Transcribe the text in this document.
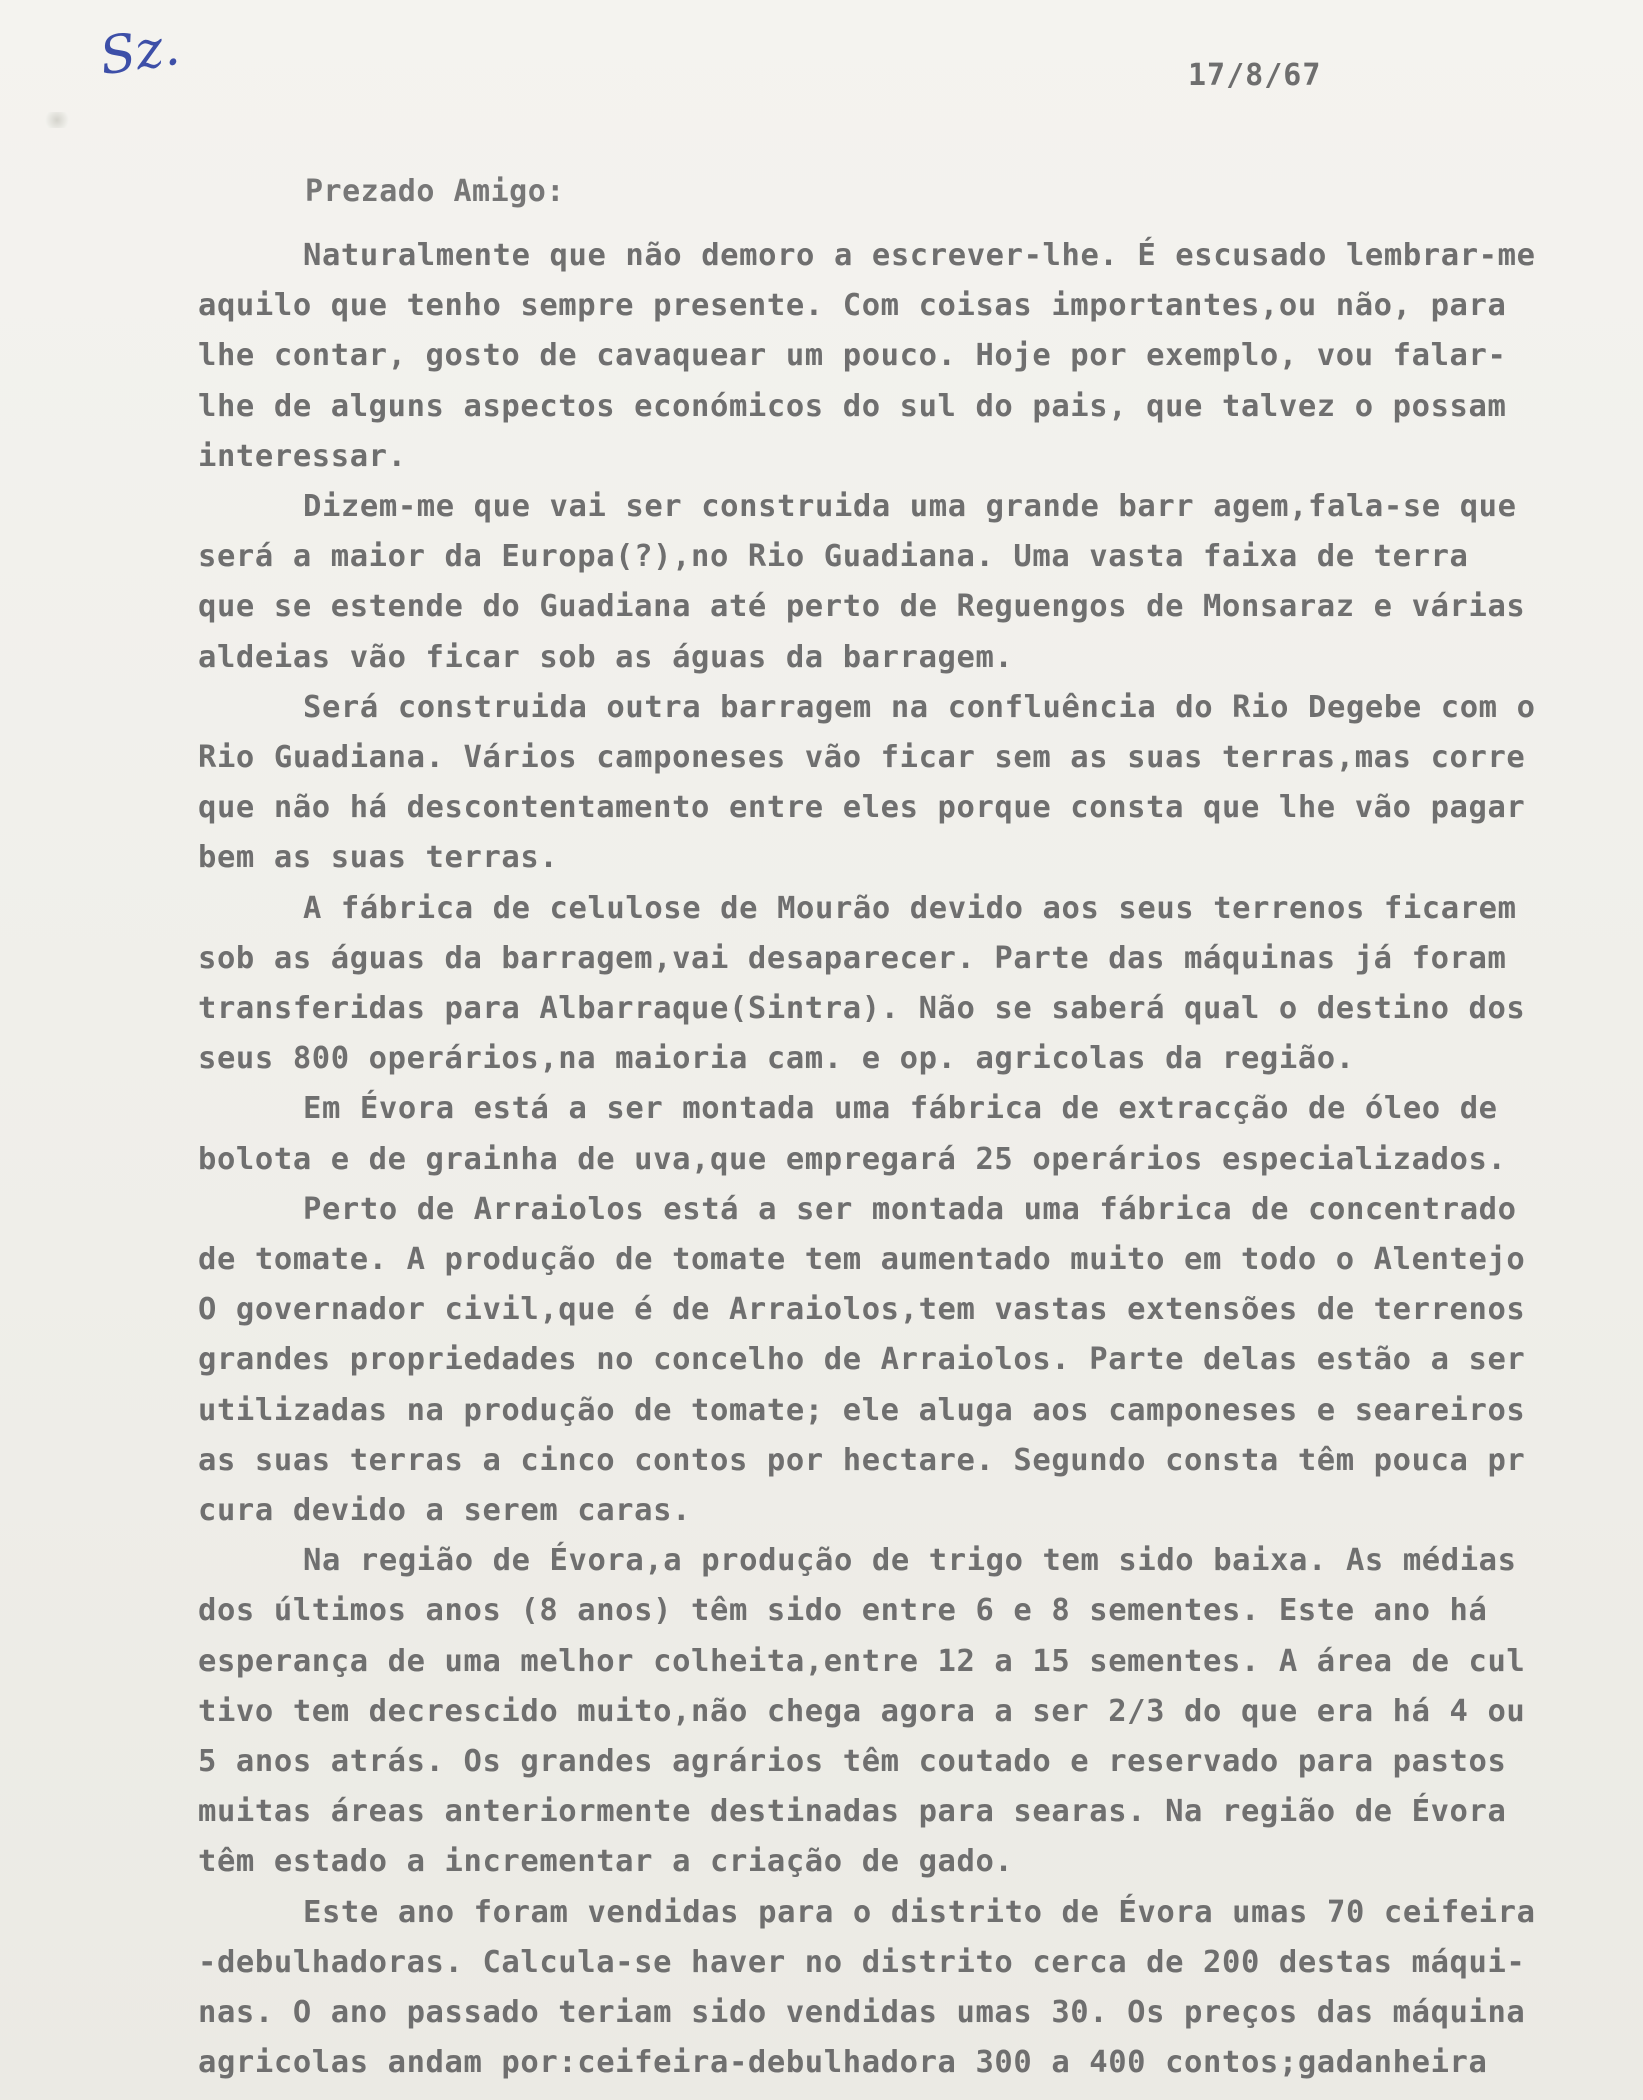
Sz.	17/8/67
Prezado Amigo:
Naturalmente que não demoro a escrever-lhe. É escusado lembrar-me
aquilo que tenho sempre presente. Com coisas importantes,ou não, para
lhe contar, gosto de cavaquear um pouco. Hoje por exemplo, vou falar-
lhe de alguns aspectos económicos do sul do pais, que talvez o possam
interessar.
Dizem-me que vai ser construida uma grande barr agem,fala-se que
será a maior da Europa(?),no Rio Guadiana. Uma vasta faixa de terra
que se estende do Guadiana até perto de Reguengos de Monsaraz e várias
aldeias vão ficar sob as águas da barragem.
Será construida outra barragem na confluência do Rio Degebe com o
Rio Guadiana. Vários camponeses vão ficar sem as suas terras,mas corre
que não há descontentamento entre eles porque consta que lhe vão pagar
bem as suas terras.
A fábrica de celulose de Mourão devido aos seus terrenos ficarem
sob as águas da barragem,vai desaparecer. Parte das máquinas já foram
transferidas para Albarraque(Sintra). Não se saberá qual o destino dos
seus 800 operários,na maioria cam. e op. agricolas da região.
Em Évora está a ser montada uma fábrica de extracção de óleo de
bolota e de grainha de uva,que empregará 25 operários especializados.
Perto de Arraiolos está a ser montada uma fábrica de concentrado
de tomate. A produção de tomate tem aumentado muito em todo o Alentejo
O governador civil,que é de Arraiolos,tem vastas extensões de terrenos
grandes propriedades no concelho de Arraiolos. Parte delas estão a ser
utilizadas na produção de tomate; ele aluga aos camponeses e seareiros
as suas terras a cinco contos por hectare. Segundo consta têm pouca pr
cura devido a serem caras.
Na região de Évora,a produção de trigo tem sido baixa. As médias
dos últimos anos (8 anos) têm sido entre 6 e 8 sementes. Este ano há
esperança de uma melhor colheita,entre 12 a 15 sementes. A área de cul
tivo tem decrescido muito,não chega agora a ser 2/3 do que era há 4 ou
5 anos atrás. Os grandes agrários têm coutado e reservado para pastos
muitas áreas anteriormente destinadas para searas. Na região de Évora
têm estado a incrementar a criação de gado.
Este ano foram vendidas para o distrito de Évora umas 70 ceifeira
-debulhadoras. Calcula-se haver no distrito cerca de 200 destas máqui-
nas. O ano passado teriam sido vendidas umas 30. Os preços das máquina
agricolas andam por:ceifeira-debulhadora 300 a 400 contos;gadanheira
